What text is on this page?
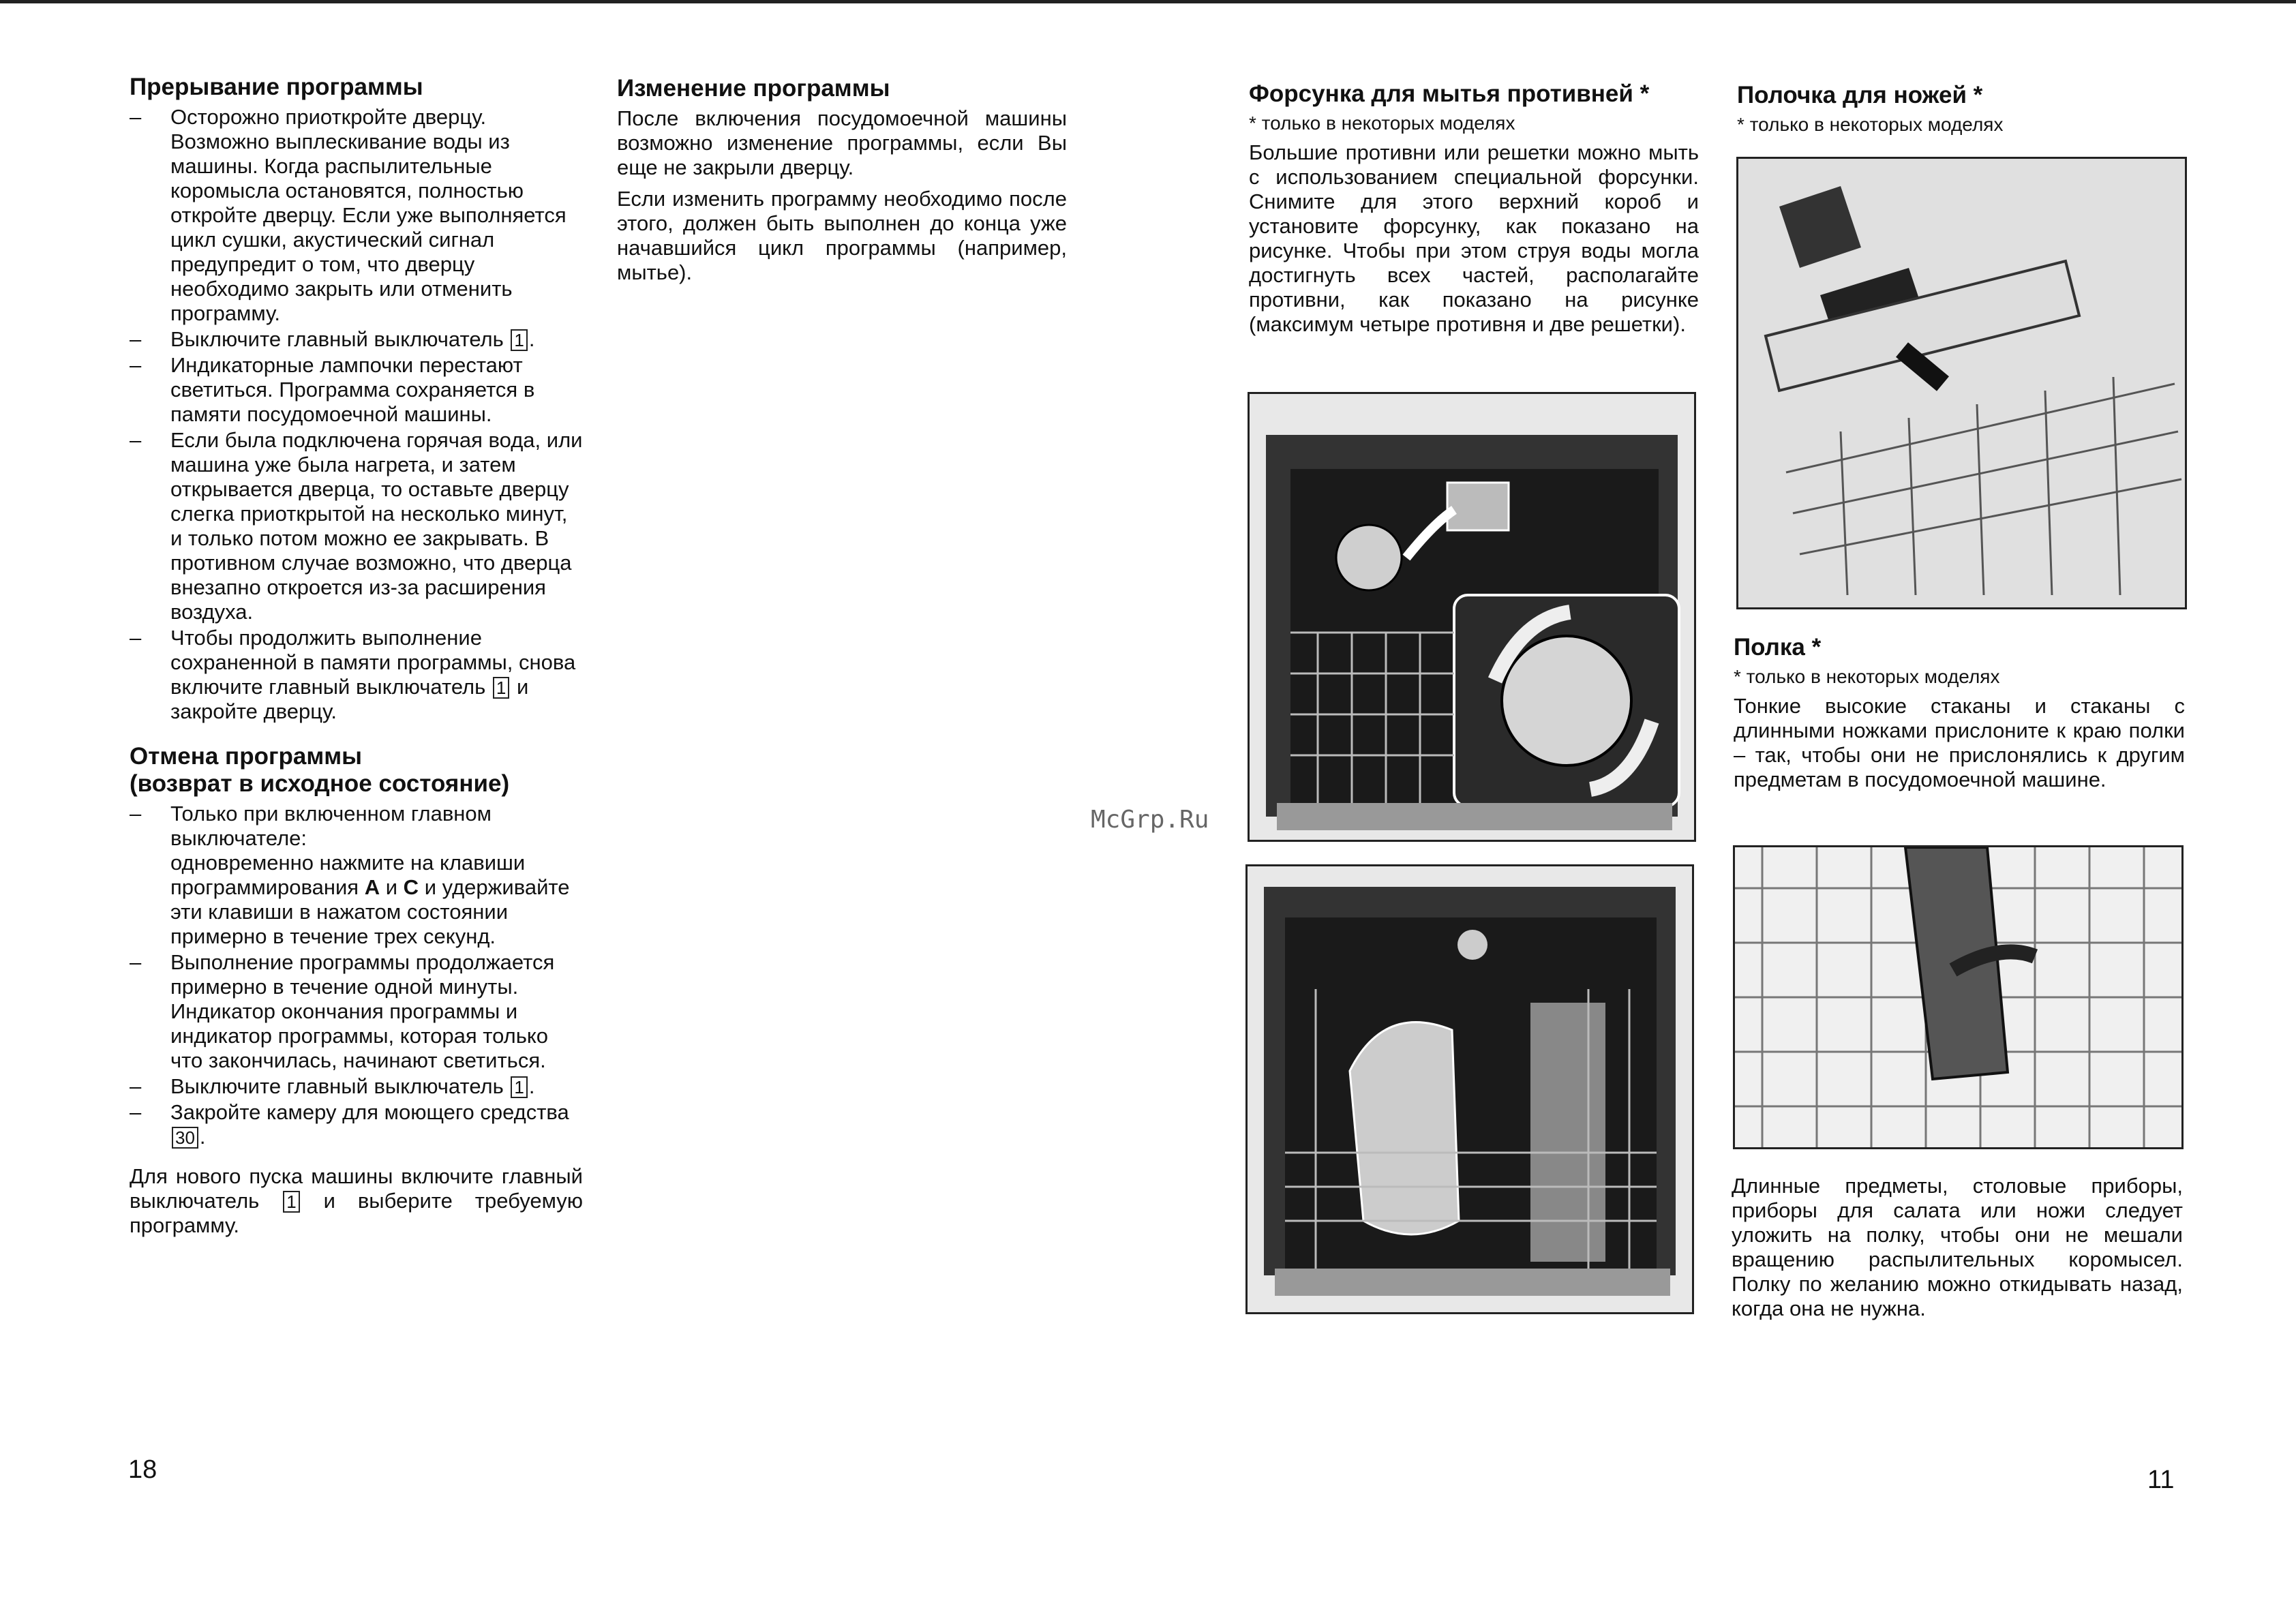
Прерывание программы
– Осторожно приоткройте дверцу. Возможно выплескивание воды из машины. Когда распылительные коромысла остановятся, полностью откройте дверцу. Если уже выполняется цикл сушки, акустический сигнал предупредит о том, что дверцу необходимо закрыть или отменить программу.
– Выключите главный выключатель 1 .
– Индикаторные лампочки перестают светиться. Программа сохраняется в памяти посудомоечной машины.
– Если была подключена горячая вода, или машина уже была нагрета, и затем открывается дверца, то оставьте дверцу слегка приоткрытой на несколько минут, и только потом можно ее закрывать. В противном случае возможно, что дверца внезапно откроется из-за расширения воздуха.
– Чтобы продолжить выполнение сохраненной в памяти программы, снова включите главный выключатель 1 и закройте дверцу.
Отмена программы
(возврат в исходное состояние)
– Только при включенном главном выключателе:
одновременно нажмите на клавиши программирования A и C и удерживайте эти клавиши в нажатом состоянии примерно в течение трех секунд.
– Выполнение программы продолжается примерно в течение одной минуты. Индикатор окончания программы и индикатор программы, которая только что закончилась, начинают светиться.
– Выключите главный выключатель 1 .
– Закройте камеру для моющего средства 30 .

Для нового пуска машины включите главный выключатель 1 и выберите требуемую программу.

Изменение программы

После включения посудомоечной машины возможно изменение программы, если Вы еще не закрыли дверцу.

Если изменить программу необходимо после этого, должен быть выполнен до конца уже начавшийся цикл программы (например, мытье).

18
McGrp.Ru
Форсунка для мытья противней *
* только в некоторых моделях

Большие противни или решетки можно мыть с использованием специальной форсунки. Снимите для этого верхний короб и установите форсунку, как показано на рисунке. Чтобы при этом струя воды могла достигнуть всех частей, располагайте противни, как показано на рисунке (максимум четыре противня и две решетки).

Полочка для ножей *
* только в некоторых моделях
Полка *
* только в некоторых моделях

Тонкие высокие стаканы и стаканы с длинными ножками прислоните к краю полки – так, чтобы они не прислонялись к другим предметам в посудомоечной машине.

Длинные предметы, столовые приборы, приборы для салата или ножи следует уложить на полку, чтобы они не мешали вращению распылительных коромысел. Полку по желанию можно откидывать назад, когда она не нужна.

11
